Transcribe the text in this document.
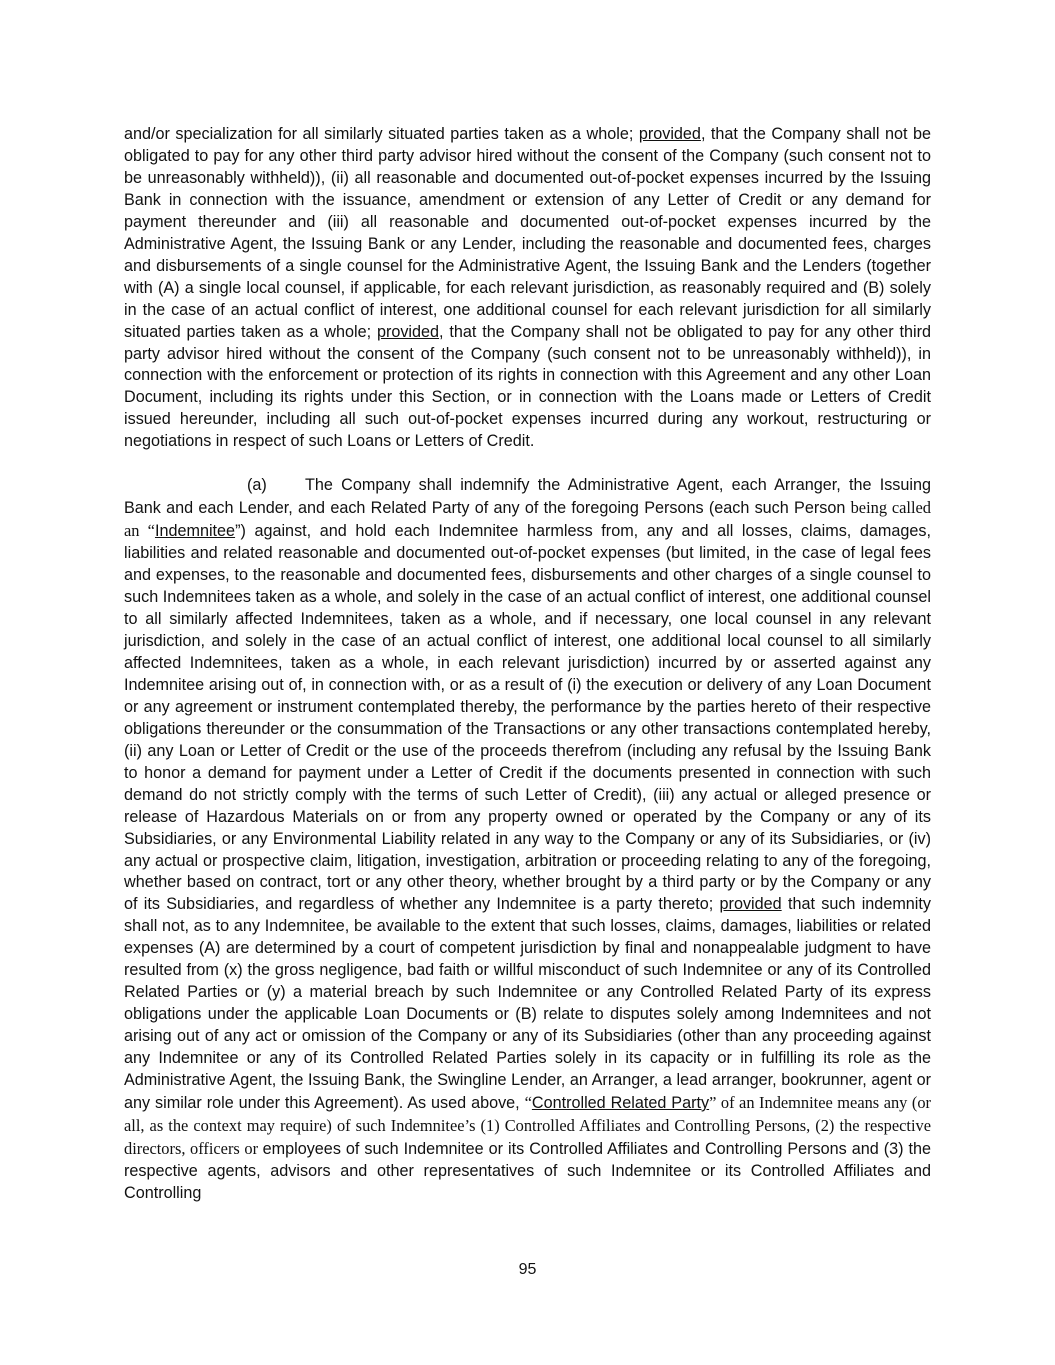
and/or specialization for all similarly situated parties taken as a whole; provided, that the Company shall not be obligated to pay for any other third party advisor hired without the consent of the Company (such consent not to be unreasonably withheld)), (ii) all reasonable and documented out-of-pocket expenses incurred by the Issuing Bank in connection with the issuance, amendment or extension of any Letter of Credit or any demand for payment thereunder and (iii) all reasonable and documented out-of-pocket expenses incurred by the Administrative Agent, the Issuing Bank or any Lender, including the reasonable and documented fees, charges and disbursements of a single counsel for the Administrative Agent, the Issuing Bank and the Lenders (together with (A) a single local counsel, if applicable, for each relevant jurisdiction, as reasonably required and (B) solely in the case of an actual conflict of interest, one additional counsel for each relevant jurisdiction for all similarly situated parties taken as a whole; provided, that the Company shall not be obligated to pay for any other third party advisor hired without the consent of the Company (such consent not to be unreasonably withheld)), in connection with the enforcement or protection of its rights in connection with this Agreement and any other Loan Document, including its rights under this Section, or in connection with the Loans made or Letters of Credit issued hereunder, including all such out-of-pocket expenses incurred during any workout, restructuring or negotiations in respect of such Loans or Letters of Credit.

(a) The Company shall indemnify the Administrative Agent, each Arranger, the Issuing Bank and each Lender, and each Related Party of any of the foregoing Persons (each such Person being called an “Indemnitee”) against, and hold each Indemnitee harmless from, any and all losses, claims, damages, liabilities and related reasonable and documented out-of-pocket expenses (but limited, in the case of legal fees and expenses, to the reasonable and documented fees, disbursements and other charges of a single counsel to such Indemnitees taken as a whole, and solely in the case of an actual conflict of interest, one additional counsel to all similarly affected Indemnitees, taken as a whole, and if necessary, one local counsel in any relevant jurisdiction, and solely in the case of an actual conflict of interest, one additional local counsel to all similarly affected Indemnitees, taken as a whole, in each relevant jurisdiction) incurred by or asserted against any Indemnitee arising out of, in connection with, or as a result of (i) the execution or delivery of any Loan Document or any agreement or instrument contemplated thereby, the performance by the parties hereto of their respective obligations thereunder or the consummation of the Transactions or any other transactions contemplated hereby, (ii) any Loan or Letter of Credit or the use of the proceeds therefrom (including any refusal by the Issuing Bank to honor a demand for payment under a Letter of Credit if the documents presented in connection with such demand do not strictly comply with the terms of such Letter of Credit), (iii) any actual or alleged presence or release of Hazardous Materials on or from any property owned or operated by the Company or any of its Subsidiaries, or any Environmental Liability related in any way to the Company or any of its Subsidiaries, or (iv) any actual or prospective claim, litigation, investigation, arbitration or proceeding relating to any of the foregoing, whether based on contract, tort or any other theory, whether brought by a third party or by the Company or any of its Subsidiaries, and regardless of whether any Indemnitee is a party thereto; provided that such indemnity shall not, as to any Indemnitee, be available to the extent that such losses, claims, damages, liabilities or related expenses (A) are determined by a court of competent jurisdiction by final and nonappealable judgment to have resulted from (x) the gross negligence, bad faith or willful misconduct of such Indemnitee or any of its Controlled Related Parties or (y) a material breach by such Indemnitee or any Controlled Related Party of its express obligations under the applicable Loan Documents or (B) relate to disputes solely among Indemnitees and not arising out of any act or omission of the Company or any of its Subsidiaries (other than any proceeding against any Indemnitee or any of its Controlled Related Parties solely in its capacity or in fulfilling its role as the Administrative Agent, the Issuing Bank, the Swingline Lender, an Arranger, a lead arranger, bookrunner, agent or any similar role under this Agreement). As used above, “Controlled Related Party” of an Indemnitee means any (or all, as the context may require) of such Indemnitee’s (1) Controlled Affiliates and Controlling Persons, (2) the respective directors, officers or employees of such Indemnitee or its Controlled Affiliates and Controlling Persons and (3) the respective agents, advisors and other representatives of such Indemnitee or its Controlled Affiliates and Controlling

95
